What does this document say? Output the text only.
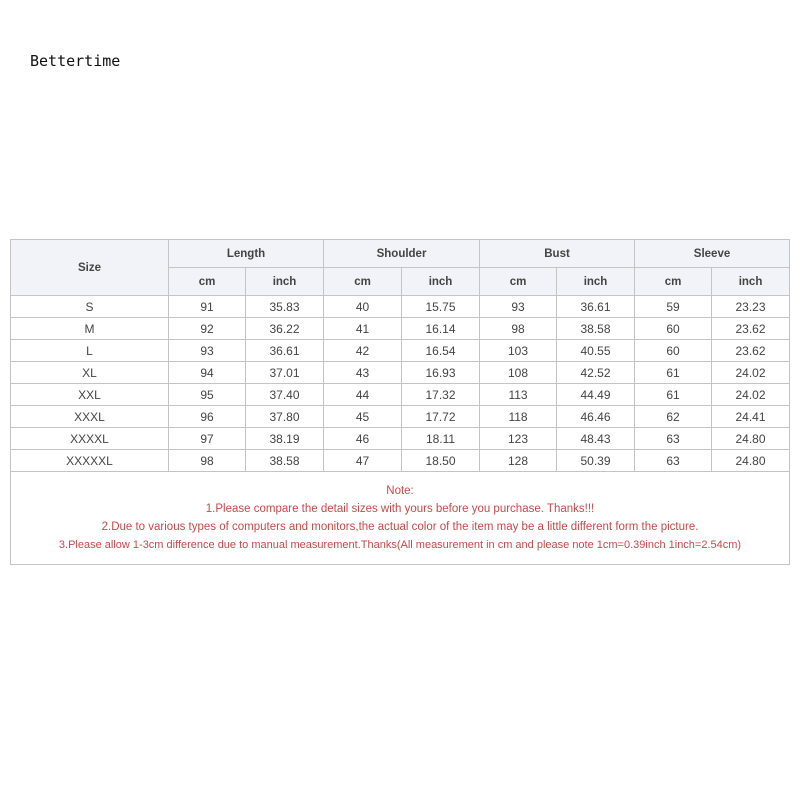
Bettertime
Size	Length		Shoulder		Bust		Sleeve	
	cm	inch	cm	inch	cm	inch	cm	inch
S	91	35.83	40	15.75	93	36.61	59	23.23
M	92	36.22	41	16.14	98	38.58	60	23.62
L	93	36.61	42	16.54	103	40.55	60	23.62
XL	94	37.01	43	16.93	108	42.52	61	24.02
XXL	95	37.40	44	17.32	113	44.49	61	24.02
XXXL	96	37.80	45	17.72	118	46.46	62	24.41
XXXXL	97	38.19	46	18.11	123	48.43	63	24.80
XXXXXL	98	38.58	47	18.50	128	50.39	63	24.80

Note:
1.Please compare the detail sizes with yours before you purchase. Thanks!!!
2.Due to various types of computers and monitors,the actual color of the item may be a little different form the picture.
3.Please allow 1-3cm difference due to manual measurement.Thanks(All measurement in cm and please note 1cm=0.39inch 1inch=2.54cm)								
